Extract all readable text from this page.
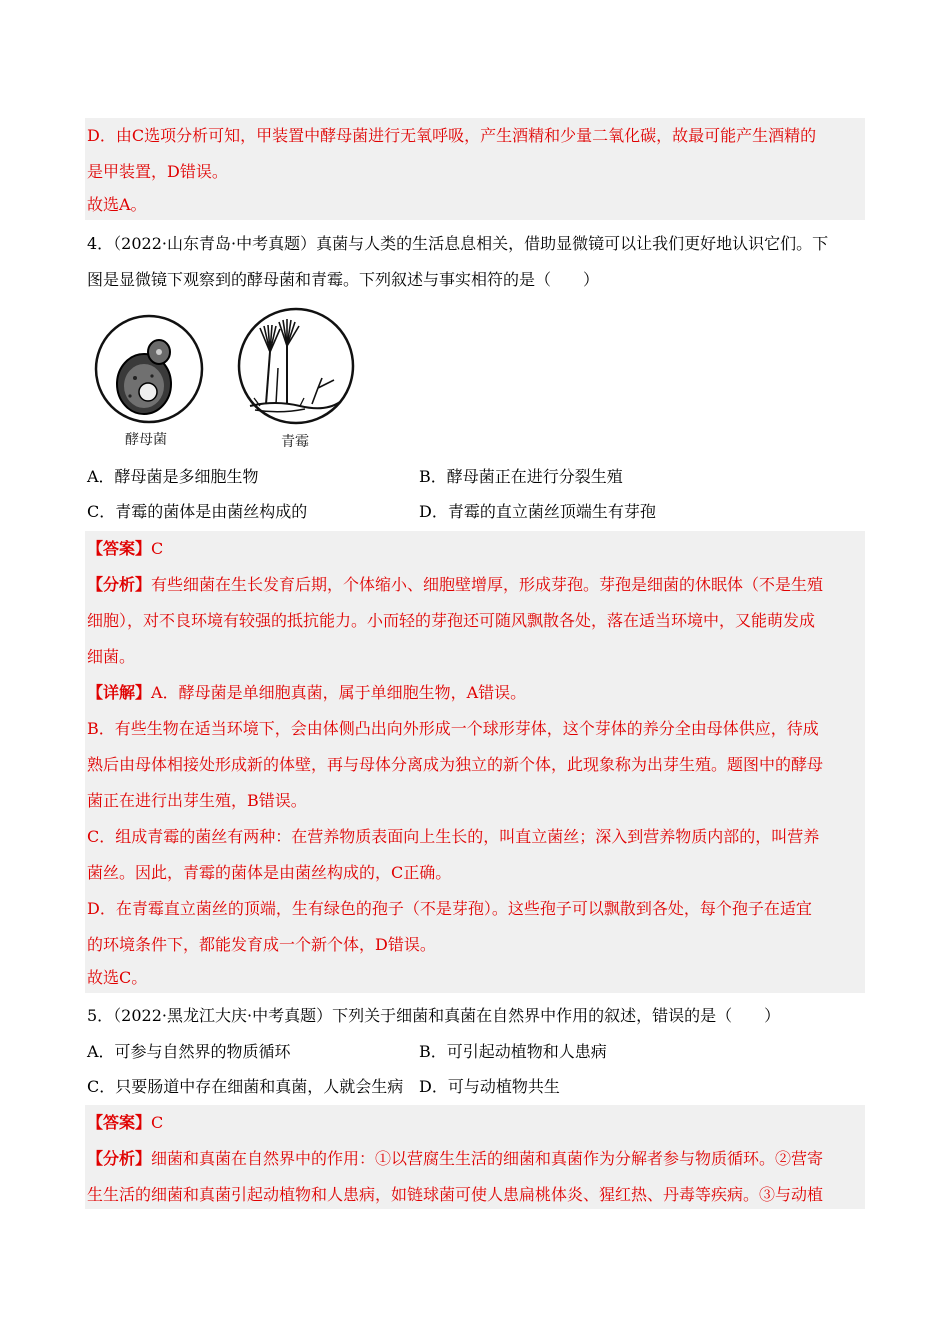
D．由C选项分析可知，甲装置中酵母菌进行无氧呼吸，产生酒精和少量二氧化碳，故最可能产生酒精的
是甲装置，D错误。
故选A。
4．（2022·山东青岛·中考真题）真菌与人类的生活息息相关，借助显微镜可以让我们更好地认识它们。下
图是显微镜下观察到的酵母菌和青霉。下列叙述与事实相符的是（　　）
酵母菌	青霉
A．酵母菌是多细胞生物	B．酵母菌正在进行分裂生殖
C．青霉的菌体是由菌丝构成的	D．青霉的直立菌丝顶端生有芽孢
【答案】C
【分析】有些细菌在生长发育后期，个体缩小、细胞壁增厚，形成芽孢。芽孢是细菌的休眠体（不是生殖
细胞），对不良环境有较强的抵抗能力。小而轻的芽孢还可随风飘散各处，落在适当环境中，又能萌发成
细菌。
【详解】A．酵母菌是单细胞真菌，属于单细胞生物，A错误。
B．有些生物在适当环境下，会由体侧凸出向外形成一个球形芽体，这个芽体的养分全由母体供应，待成
熟后由母体相接处形成新的体壁，再与母体分离成为独立的新个体，此现象称为出芽生殖。题图中的酵母
菌正在进行出芽生殖，B错误。
C．组成青霉的菌丝有两种：在营养物质表面向上生长的，叫直立菌丝；深入到营养物质内部的，叫营养
菌丝。因此，青霉的菌体是由菌丝构成的，C正确。
D．在青霉直立菌丝的顶端，生有绿色的孢子（不是芽孢）。这些孢子可以飘散到各处，每个孢子在适宜
的环境条件下，都能发育成一个新个体，D错误。
故选C。
5．（2022·黑龙江大庆·中考真题）下列关于细菌和真菌在自然界中作用的叙述，错误的是（　　）
A．可参与自然界的物质循环	B．可引起动植物和人患病
C．只要肠道中存在细菌和真菌，人就会生病 D．可与动植物共生
【答案】C
【分析】细菌和真菌在自然界中的作用：①以营腐生生活的细菌和真菌作为分解者参与物质循环。②营寄
生生活的细菌和真菌引起动植物和人患病，如链球菌可使人患扁桃体炎、猩红热、丹毒等疾病。③与动植
